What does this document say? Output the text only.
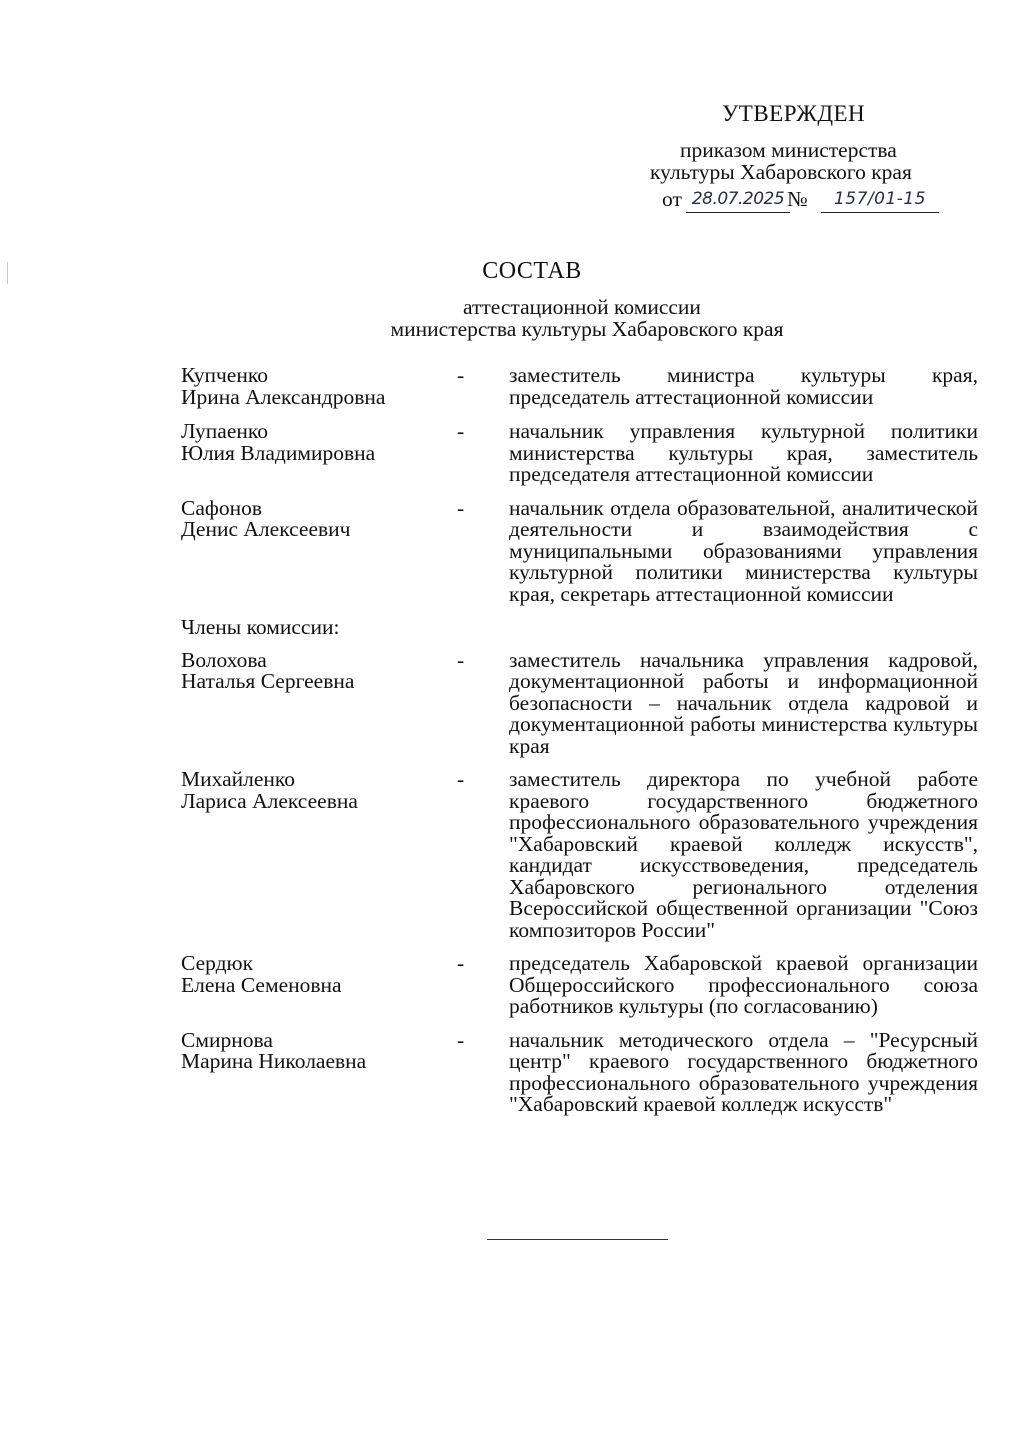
УТВЕРЖДЕН
приказом министерства
культуры Хабаровского края
от 28.07.2025 №	157/01-15
СОСТАВ
аттестационной комиссии
министерства культуры Хабаровского края
Купченко
Ирина Александровна
-	заместитель министра культуры края, председатель аттестационной комиссии
Лупаенко
Юлия Владимировна
-	начальник управления культурной политики министерства культуры края, заместитель председателя аттестационной комиссии
Сафонов
Денис Алексеевич
-	начальник отдела образовательной, аналитической деятельности и взаимодействия с муниципальными образованиями управления культурной политики министерства культуры края, секретарь аттестационной комиссии
Члены комиссии:
Волохова
Наталья Сергеевна
-	заместитель начальника управления кадровой, документационной работы и информационной безопасности – начальник отдела кадровой и документационной работы министерства культуры края
Михайленко
Лариса Алексеевна
-	заместитель директора по учебной работе краевого государственного бюджетного профессионального образовательного учреждения "Хабаровский краевой колледж искусств", кандидат искусствоведения, председатель Хабаровского регионального отделения Всероссийской общественной организации "Союз композиторов России"
Сердюк
Елена Семеновна
-	председатель Хабаровской краевой организации Общероссийского профессионального союза работников культуры (по согласованию)
Смирнова
Марина Николаевна
-	начальник методического отдела – "Ресурсный центр" краевого государственного бюджетного профессионального образовательного учреждения "Хабаровский краевой колледж искусств"
